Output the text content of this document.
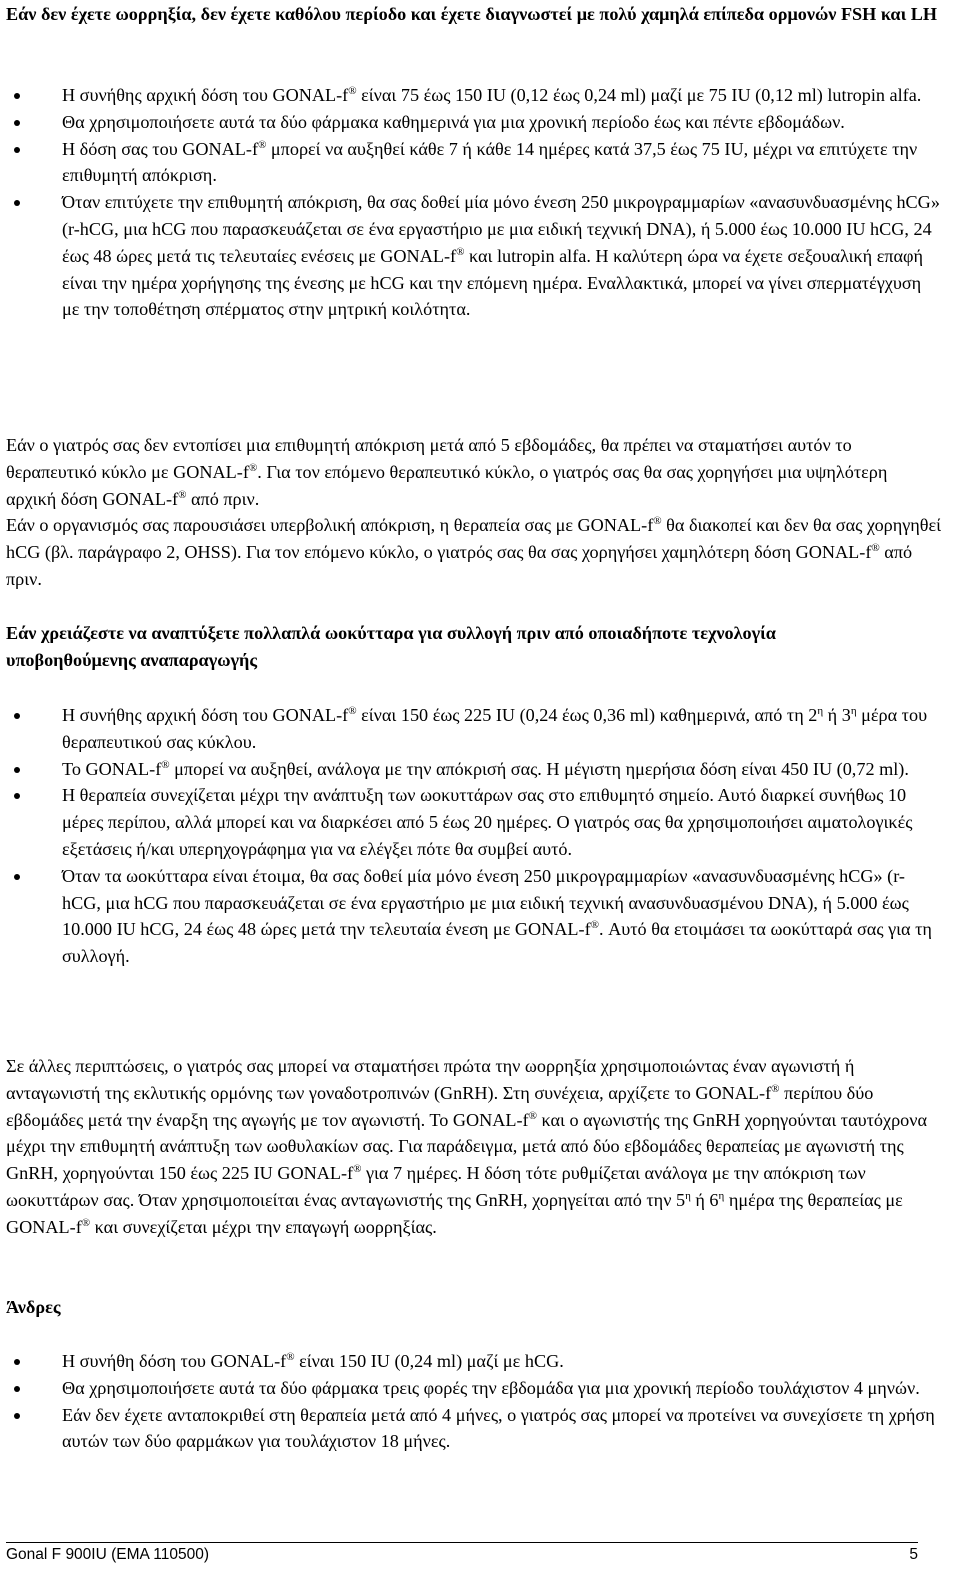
Εάν δεν έχετε ωορρηξία, δεν έχετε καθόλου περίοδο και έχετε διαγνωστεί με πολύ χαμηλά επίπεδα ορμονών FSH και LH

Η συνήθης αρχική δόση του GONAL-f ® είναι 75 έως 150 IU (0,12 έως 0,24 ml) μαζί με 75 IU (0,12 ml) lutropin alfa.
Θα χρησιμοποιήσετε αυτά τα δύο φάρμακα καθημερινά για μια χρονική περίοδο έως και πέντε εβδομάδων.
Η δόση σας του GONAL-f ® μπορεί να αυξηθεί κάθε 7 ή κάθε 14 ημέρες κατά 37,5 έως 75 IU, μέχρι να επιτύχετε την επιθυμητή απόκριση.
Όταν επιτύχετε την επιθυμητή απόκριση, θα σας δοθεί μία μόνο ένεση 250 μικρογραμμαρίων «ανασυνδυασμένης hCG» (r-hCG, μια hCG που παρασκευάζεται σε ένα εργαστήριο με μια ειδική τεχνική DNA), ή 5.000 έως 10.000 IU hCG, 24 έως 48 ώρες μετά τις τελευταίες ενέσεις με GONAL-f ® και lutropin alfa. Η καλύτερη ώρα να έχετε σεξουαλική επαφή είναι την ημέρα χορήγησης της ένεσης με hCG και την επόμενη ημέρα. Εναλλακτικά, μπορεί να γίνει σπερματέγχυση με την τοποθέτηση σπέρματος στην μητρική κοιλότητα.

Εάν ο γιατρός σας δεν εντοπίσει μια επιθυμητή απόκριση μετά από 5 εβδομάδες, θα πρέπει να σταματήσει αυτόν το θεραπευτικό κύκλο με GONAL-f ® . Για τον επόμενο θεραπευτικό κύκλο, ο γιατρός σας θα σας χορηγήσει μια υψηλότερη αρχική δόση GONAL-f ® από πριν.

Εάν ο οργανισμός σας παρουσιάσει υπερβολική απόκριση, η θεραπεία σας με GONAL-f ® θα διακοπεί και δεν θα σας χορηγηθεί hCG (βλ. παράγραφο 2, OHSS). Για τον επόμενο κύκλο, ο γιατρός σας θα σας χορηγήσει χαμηλότερη δόση GONAL-f ® από πριν.

Εάν χρειάζεστε να αναπτύξετε πολλαπλά ωοκύτταρα για συλλογή πριν από οποιαδήποτε τεχνολογία υποβοηθούμενης αναπαραγωγής

Η συνήθης αρχική δόση του GONAL-f ® είναι 150 έως 225 IU (0,24 έως 0,36 ml) καθημερινά, από τη $2^\eta$ ή $3^\eta$ μέρα του θεραπευτικού σας κύκλου.
Το GONAL-f ® μπορεί να αυξηθεί, ανάλογα με την απόκρισή σας. Η μέγιστη ημερήσια δόση είναι 450 IU (0,72 ml).
Η θεραπεία συνεχίζεται μέχρι την ανάπτυξη των ωοκυττάρων σας στο επιθυμητό σημείο. Αυτό διαρκεί συνήθως 10 μέρες περίπου, αλλά μπορεί και να διαρκέσει από 5 έως 20 ημέρες. Ο γιατρός σας θα χρησιμοποιήσει αιματολογικές εξετάσεις ή/και υπερηχογράφημα για να ελέγξει πότε θα συμβεί αυτό.
Όταν τα ωοκύτταρα είναι έτοιμα, θα σας δοθεί μία μόνο ένεση 250 μικρογραμμαρίων «ανασυνδυασμένης hCG» (r-hCG, μια hCG που παρασκευάζεται σε ένα εργαστήριο με μια ειδική τεχνική ανασυνδυασμένου DNA), ή 5.000 έως 10.000 IU hCG, 24 έως 48 ώρες μετά την τελευταία ένεση με GONAL-f ® . Αυτό θα ετοιμάσει τα ωοκύτταρά σας για τη συλλογή.

Σε άλλες περιπτώσεις, ο γιατρός σας μπορεί να σταματήσει πρώτα την ωορρηξία χρησιμοποιώντας έναν αγωνιστή ή ανταγωνιστή της εκλυτικής ορμόνης των γοναδοτροπινών (GnRH). Στη συνέχεια, αρχίζετε το GONAL-f ® περίπου δύο εβδομάδες μετά την έναρξη της αγωγής με τον αγωνιστή. Το GONAL-f ® και ο αγωνιστής της GnRH χορηγούνται ταυτόχρονα μέχρι την επιθυμητή ανάπτυξη των ωοθυλακίων σας. Για παράδειγμα, μετά από δύο εβδομάδες θεραπείας με αγωνιστή της GnRH, χορηγούνται 150 έως 225 IU GONAL-f ® για 7 ημέρες. Η δόση τότε ρυθμίζεται ανάλογα με την απόκριση των ωοκυττάρων σας. Όταν χρησιμοποιείται ένας ανταγωνιστής της GnRH, χορηγείται από την $5^\eta$ ή $6^\eta$ ημέρα της θεραπείας με GONAL-f ® και συνεχίζεται μέχρι την επαγωγή ωορρηξίας.

Άνδρες

Η συνήθη δόση του GONAL-f ® είναι 150 IU (0,24 ml) μαζί με hCG.
Θα χρησιμοποιήσετε αυτά τα δύο φάρμακα τρεις φορές την εβδομάδα για μια χρονική περίοδο τουλάχιστον 4 μηνών.
Εάν δεν έχετε ανταποκριθεί στη θεραπεία μετά από 4 μήνες, ο γιατρός σας μπορεί να προτείνει να συνεχίσετε τη χρήση αυτών των δύο φαρμάκων για τουλάχιστον 18 μήνες.
Gonal F 900IU (EMA 110500)	5
